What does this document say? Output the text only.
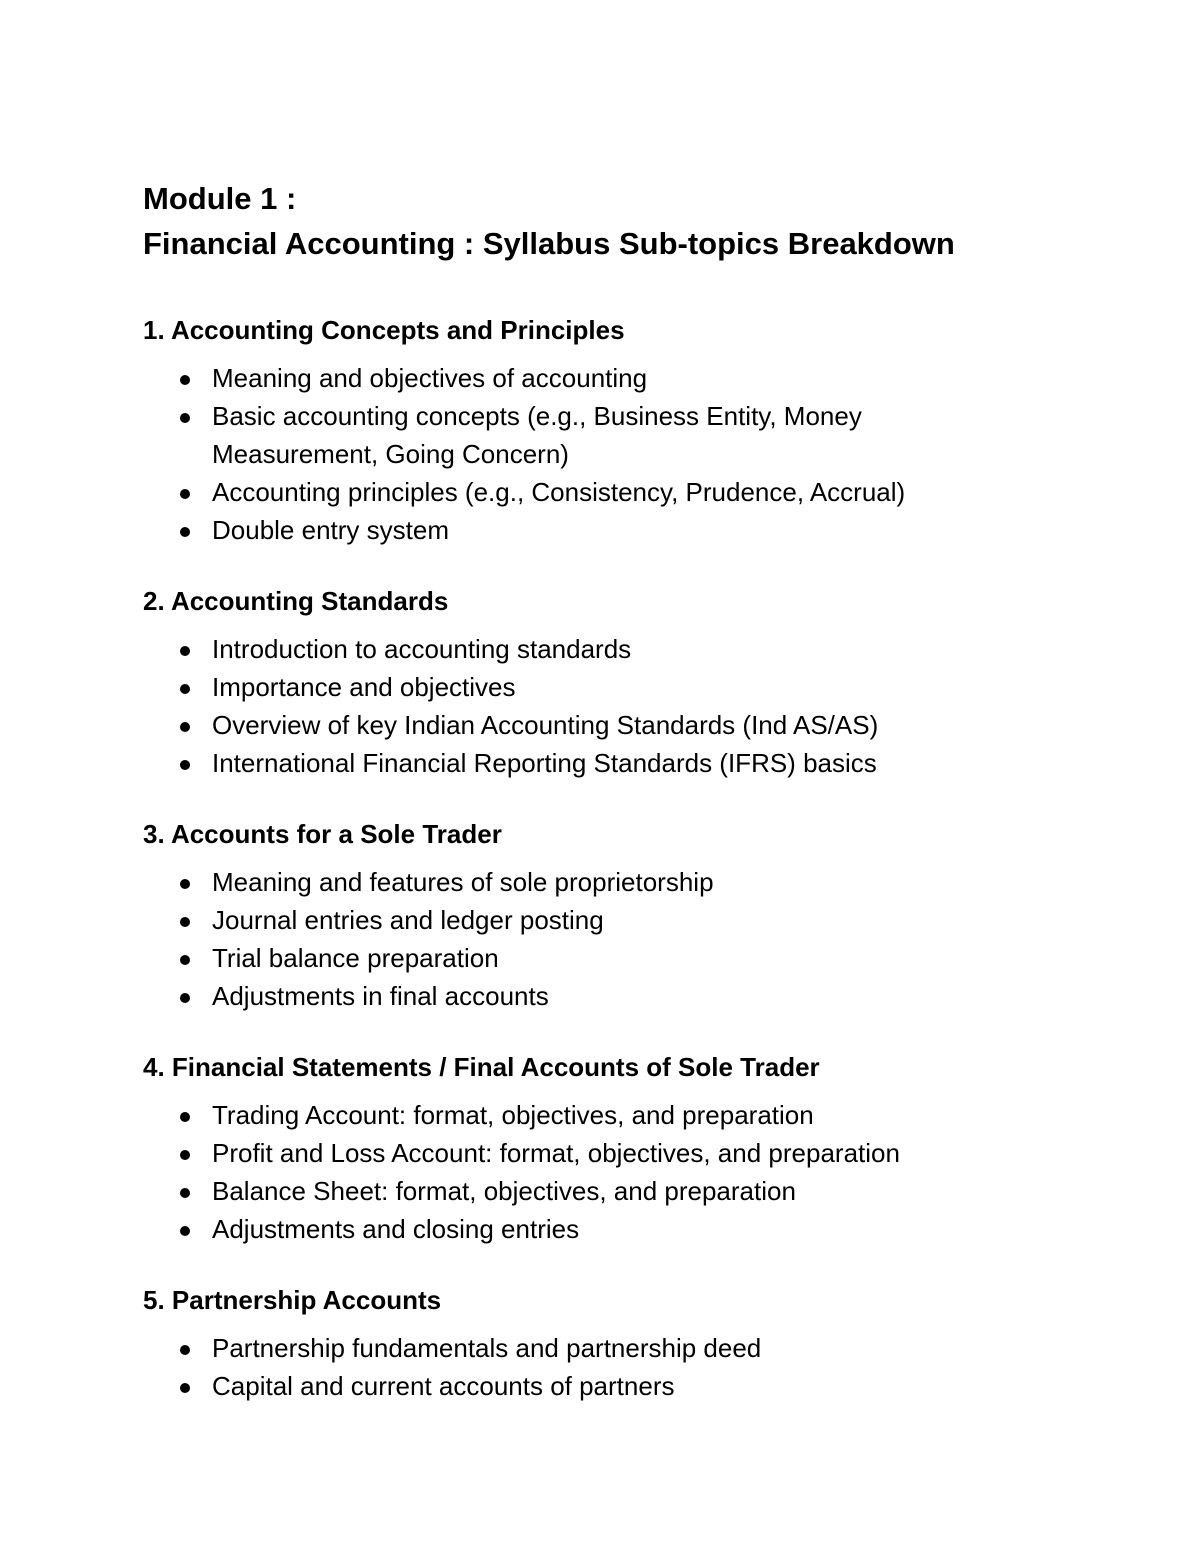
Module 1 :

Financial Accounting : Syllabus Sub-topics Breakdown

1. Accounting Concepts and Principles
Meaning and objectives of accounting
Basic accounting concepts (e.g., Business Entity, Money Measurement, Going Concern)
Accounting principles (e.g., Consistency, Prudence, Accrual)
Double entry system
2. Accounting Standards
Introduction to accounting standards
Importance and objectives
Overview of key Indian Accounting Standards (Ind AS/AS)
International Financial Reporting Standards (IFRS) basics
3. Accounts for a Sole Trader
Meaning and features of sole proprietorship
Journal entries and ledger posting
Trial balance preparation
Adjustments in final accounts
4. Financial Statements / Final Accounts of Sole Trader
Trading Account: format, objectives, and preparation
Profit and Loss Account: format, objectives, and preparation
Balance Sheet: format, objectives, and preparation
Adjustments and closing entries
5. Partnership Accounts
Partnership fundamentals and partnership deed
Capital and current accounts of partners
